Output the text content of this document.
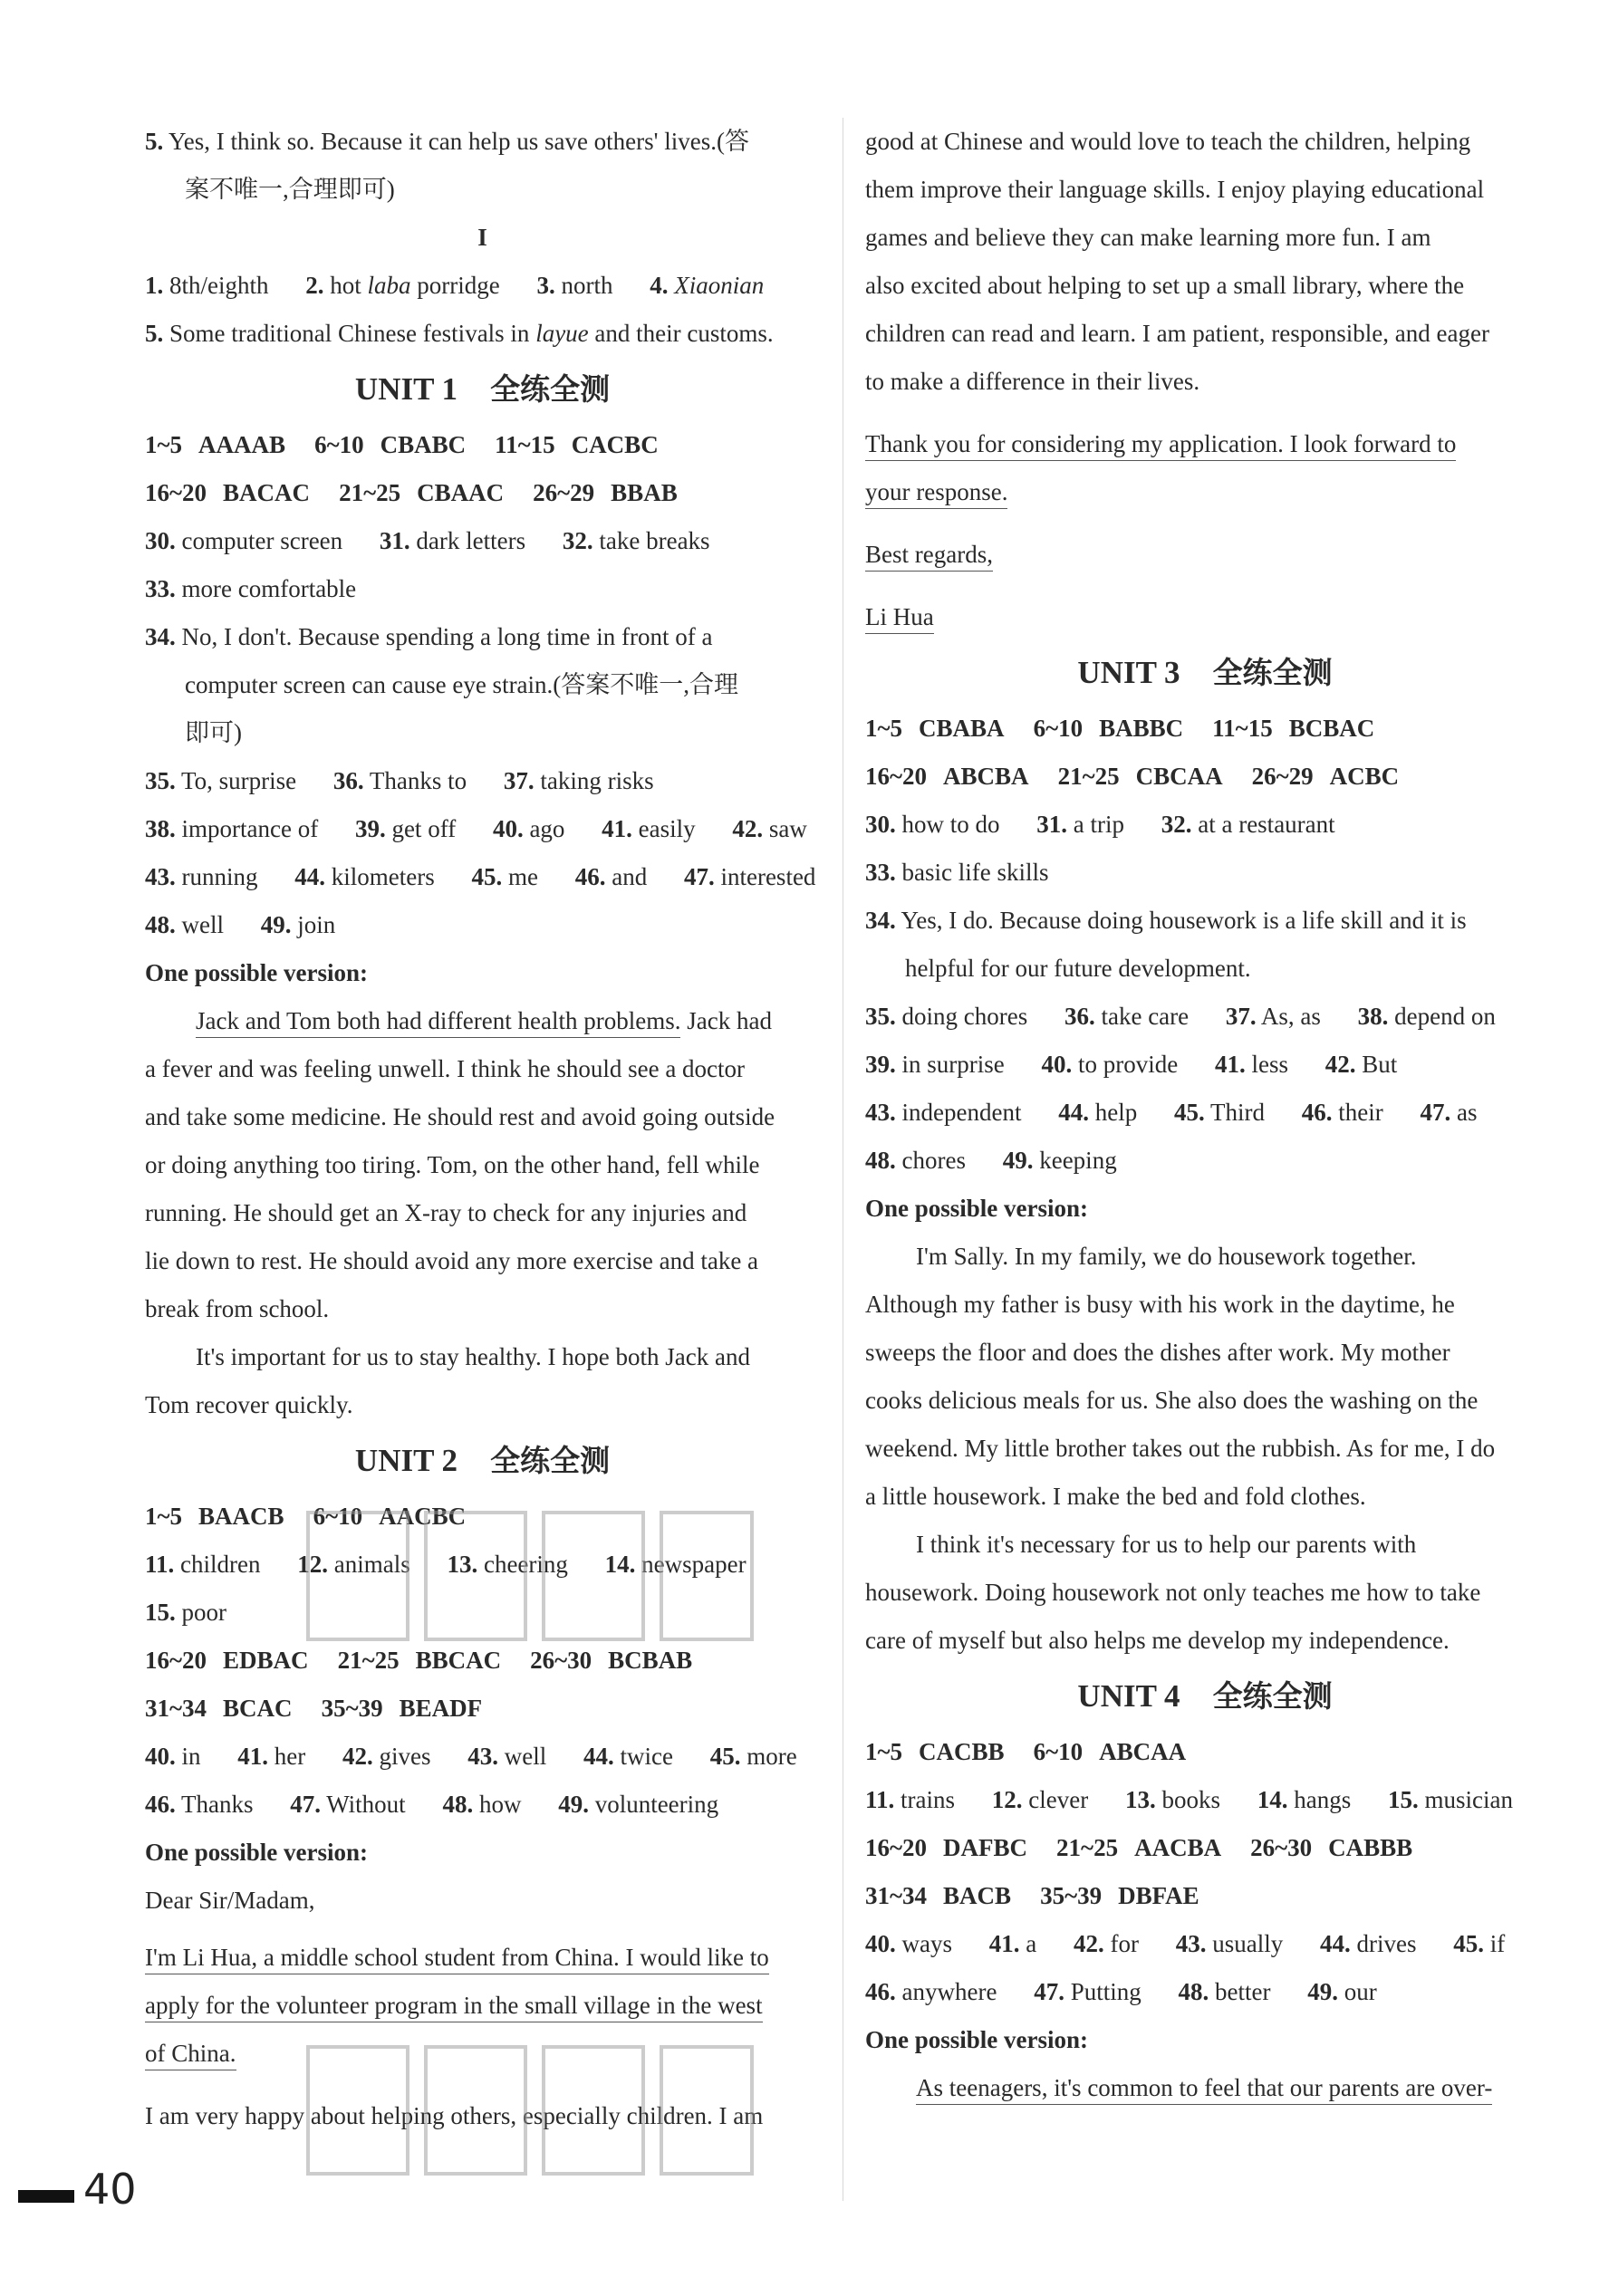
5. Yes, I think so. Because it can help us save others' lives.(答
案不唯一,合理即可)
I
1. 8th/eighth 2. hot laba porridge 3. north 4. Xiaonian
5. Some traditional Chinese festivals in layue and their customs.
UNIT 1 全练全测
1~5 AAAAB 6~10 CBABC 11~15 CACBC
16~20 BACAC 21~25 CBAAC 26~29 BBAB
30. computer screen 31. dark letters 32. take breaks
33. more comfortable
34. No, I don't. Because spending a long time in front of a
computer screen can cause eye strain.(答案不唯一,合理
即可)
35. To, surprise 36. Thanks to 37. taking risks
38. importance of 39. get off 40. ago 41. easily 42. saw
43. running 44. kilometers 45. me 46. and 47. interested
48. well 49. join
One possible version:
Jack and Tom both had different health problems. Jack had
a fever and was feeling unwell. I think he should see a doctor
and take some medicine. He should rest and avoid going outside
or doing anything too tiring. Tom, on the other hand, fell while
running. He should get an X-ray to check for any injuries and
lie down to rest. He should avoid any more exercise and take a
break from school.
It's important for us to stay healthy. I hope both Jack and
Tom recover quickly.
UNIT 2 全练全测
1~5 BAACB 6~10 AACBC
11. children 12. animals 13. cheering 14. newspaper
15. poor
16~20 EDBAC 21~25 BBCAC 26~30 BCBAB
31~34 BCAC 35~39 BEADF
40. in 41. her 42. gives 43. well 44. twice 45. more
46. Thanks 47. Without 48. how 49. volunteering
One possible version:
Dear Sir/Madam,
I'm Li Hua, a middle school student from China. I would like to
apply for the volunteer program in the small village in the west
of China.
I am very happy about helping others, especially children. I am
good at Chinese and would love to teach the children, helping
them improve their language skills. I enjoy playing educational
games and believe they can make learning more fun. I am
also excited about helping to set up a small library, where the
children can read and learn. I am patient, responsible, and eager
to make a difference in their lives.
Thank you for considering my application. I look forward to
your response.
Best regards,
Li Hua
UNIT 3 全练全测
1~5 CBABA 6~10 BABBC 11~15 BCBAC
16~20 ABCBA 21~25 CBCAA 26~29 ACBC
30. how to do 31. a trip 32. at a restaurant
33. basic life skills
34. Yes, I do. Because doing housework is a life skill and it is
helpful for our future development.
35. doing chores 36. take care 37. As, as 38. depend on
39. in surprise 40. to provide 41. less 42. But
43. independent 44. help 45. Third 46. their 47. as
48. chores 49. keeping
One possible version:
I'm Sally. In my family, we do housework together.
Although my father is busy with his work in the daytime, he
sweeps the floor and does the dishes after work. My mother
cooks delicious meals for us. She also does the washing on the
weekend. My little brother takes out the rubbish. As for me, I do
a little housework. I make the bed and fold clothes.
I think it's necessary for us to help our parents with
housework. Doing housework not only teaches me how to take
care of myself but also helps me develop my independence.
UNIT 4 全练全测
1~5 CACBB 6~10 ABCAA
11. trains 12. clever 13. books 14. hangs 15. musician
16~20 DAFBC 21~25 AACBA 26~30 CABBB
31~34 BACB 35~39 DBFAE
40. ways 41. a 42. for 43. usually 44. drives 45. if
46. anywhere 47. Putting 48. better 49. our
One possible version:
As teenagers, it's common to feel that our parents are over-
40
